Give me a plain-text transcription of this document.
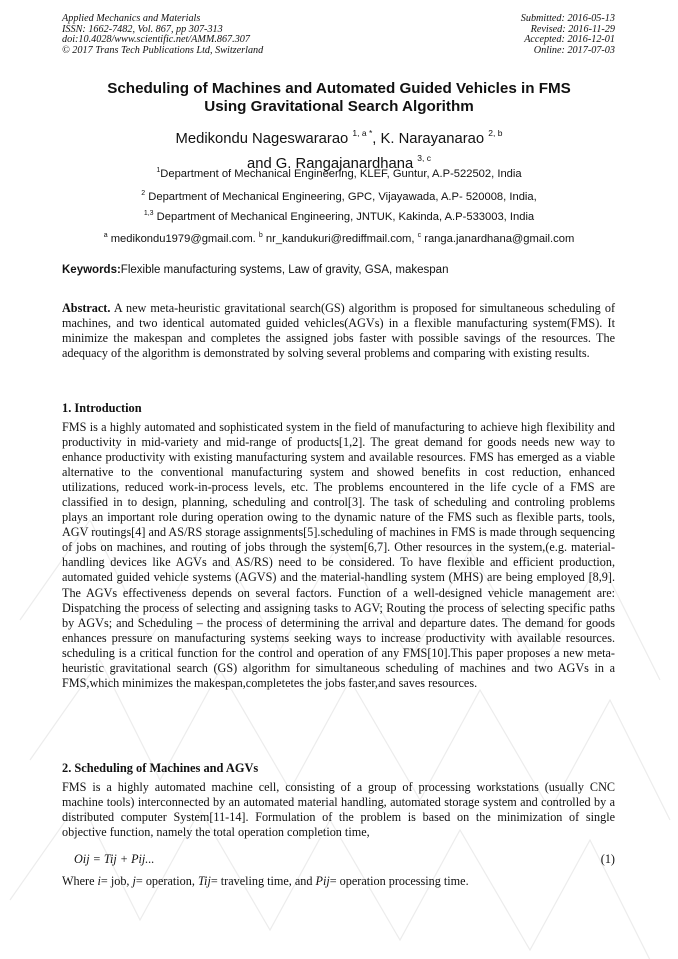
Applied Mechanics and Materials
ISSN: 1662-7482, Vol. 867, pp 307-313
doi:10.4028/www.scientific.net/AMM.867.307
© 2017 Trans Tech Publications Ltd, Switzerland
Submitted: 2016-05-13
Revised: 2016-11-29
Accepted: 2016-12-01
Online: 2017-07-03
Scheduling of Machines and Automated Guided Vehicles in FMS
Using Gravitational Search Algorithm
Medikondu Nageswararao $^{1, a *}$, K. Narayanarao $^{2, b}$
and G. Rangajanardhana $^{3, c}$
$^1$Department of Mechanical Engineering, KLEF, Guntur, A.P-522502, India
$^2$ Department of Mechanical Engineering, GPC, Vijayawada, A.P- 520008, India,
$^{1,3}$ Department of Mechanical Engineering, JNTUK, Kakinda, A.P-533003, India
$^a$ medikondu1979@gmail.com. $^b$ nr_kandukuri@rediffmail.com, $^c$ ranga.janardhana@gmail.com
Keywords:Flexible manufacturing systems, Law of gravity, GSA, makespan
Abstract. A new meta-heuristic gravitational search(GS) algorithm is proposed for simultaneous scheduling of machines, and two identical automated guided vehicles(AGVs) in a flexible manufacturing system(FMS). It minimize the makespan and completes the assigned jobs faster with possible savings of the resources. The adequacy of the algorithm is demonstrated by solving several problems and comparing with existing results.
1. Introduction
FMS is a highly automated and sophisticated system in the field of manufacturing to achieve high flexibility and productivity in mid-variety and mid-range of products[1,2]. The great demand for goods needs new way to enhance productivity with existing manufacturing system and available resources. FMS has emerged as a viable alternative to the conventional manufacturing system and showed benefits in cost reduction, enhanced utilizations, reduced work-in-process levels, etc. The problems encountered in the life cycle of a FMS are classified in to design, planning, scheduling and control[3]. The task of scheduling and controling problems plays an important role during operation owing to the dynamic nature of the FMS such as flexible parts, tools, AGV routings[4] and AS/RS storage assignments[5].scheduling of machines in FMS is made through sequencing of jobs on machines, and routing of jobs through the system[6,7]. Other resources in the system,(e.g. material-handling devices like AGVs and AS/RS) need to be considered. To have flexible and efficient production, automated guided vehicle systems (AGVS) and the material-handling system (MHS) are being employed [8,9]. The AGVs effectiveness depends on several factors. Function of a well-designed vehicle management are: Dispatching the process of selecting and assigning tasks to AGV; Routing the process of selecting specific paths by AGVs; and Scheduling – the process of determining the arrival and departure dates. The demand for goods enhances pressure on manufacturing systems seeking ways to increase productivity with available resources. scheduling is a critical function for the control and operation of any FMS[10].This paper proposes a new meta-heuristic gravitational search (GS) algorithm for simultaneous scheduling of machines and two AGVs in a FMS,which minimizes the makespan,completetes the jobs faster,and saves resources.
2. Scheduling of Machines and AGVs
FMS is a highly automated machine cell, consisting of a group of processing workstations (usually CNC machine tools) interconnected by an automated material handling, automated storage system and controlled by a distributed computer System[11-14]. Formulation of the problem is based on the minimization of single objective function, namely the total operation completion time,
Oij = Tij + Pij...	(1)
Where i= job, j= operation, Tij= traveling time, and Pij= operation processing time.
